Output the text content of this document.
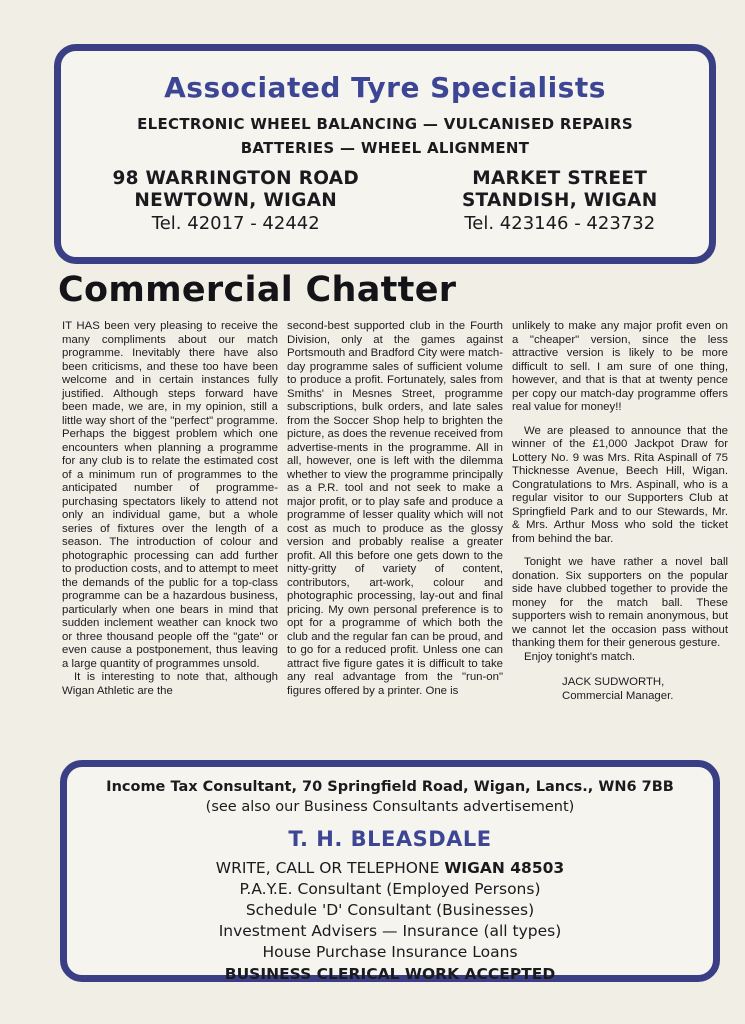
Associated Tyre Specialists
ELECTRONIC WHEEL BALANCING — VULCANISED REPAIRS
BATTERIES — WHEEL ALIGNMENT
98 WARRINGTON ROAD
NEWTOWN, WIGAN
Tel. 42017 - 42442
MARKET STREET
STANDISH, WIGAN
Tel. 423146 - 423732
Commercial Chatter

IT HAS been very pleasing to receive the many compliments about our match programme. Inevitably there have also been criticisms, and these too have been welcome and in certain instances fully justified. Although steps forward have been made, we are, in my opinion, still a little way short of the "perfect" programme. Perhaps the biggest problem which one encounters when planning a programme for any club is to relate the estimated cost of a minimum run of programmes to the anticipated number of programme-purchasing spectators likely to attend not only an individual game, but a whole series of fixtures over the length of a season. The introduction of colour and photographic processing can add further to production costs, and to attempt to meet the demands of the public for a top-class programme can be a hazardous business, particularly when one bears in mind that sudden inclement weather can knock two or three thousand people off the "gate" or even cause a postponement, thus leaving a large quantity of programmes unsold.

It is interesting to note that, although Wigan Athletic are the

second-best supported club in the Fourth Division, only at the games against Portsmouth and Bradford City were match-day programme sales of sufficient volume to produce a profit. Fortunately, sales from Smiths' in Mesnes Street, programme subscriptions, bulk orders, and late sales from the Soccer Shop help to brighten the picture, as does the revenue received from advertise-ments in the programme. All in all, however, one is left with the dilemma whether to view the programme principally as a P.R. tool and not seek to make a major profit, or to play safe and produce a programme of lesser quality which will not cost as much to produce as the glossy version and probably realise a greater profit. All this before one gets down to the nitty-gritty of variety of content, contributors, art-work, colour and photographic processing, lay-out and final pricing. My own personal preference is to opt for a programme of which both the club and the regular fan can be proud, and to go for a reduced profit. Unless one can attract five figure gates it is difficult to take any real advantage from the "run-on" figures offered by a printer. One is

unlikely to make any major profit even on a "cheaper" version, since the less attractive version is likely to be more difficult to sell. I am sure of one thing, however, and that is that at twenty pence per copy our match-day programme offers real value for money!!

We are pleased to announce that the winner of the £1,000 Jackpot Draw for Lottery No. 9 was Mrs. Rita Aspinall of 75 Thicknesse Avenue, Beech Hill, Wigan. Congratulations to Mrs. Aspinall, who is a regular visitor to our Supporters Club at Springfield Park and to our Stewards, Mr. & Mrs. Arthur Moss who sold the ticket from behind the bar.

Tonight we have rather a novel ball donation. Six supporters on the popular side have clubbed together to provide the money for the match ball. These supporters wish to remain anonymous, but we cannot let the occasion pass without thanking them for their generous gesture.

Enjoy tonight's match.

JACK SUDWORTH,
Commercial Manager.
Income Tax Consultant, 70 Springfield Road, Wigan, Lancs., WN6 7BB
(see also our Business Consultants advertisement)
T. H. BLEASDALE
WRITE, CALL OR TELEPHONE WIGAN 48503
P.A.Y.E. Consultant (Employed Persons)
Schedule 'D' Consultant (Businesses)
Investment Advisers — Insurance (all types)
House Purchase Insurance Loans
BUSINESS CLERICAL WORK ACCEPTED
